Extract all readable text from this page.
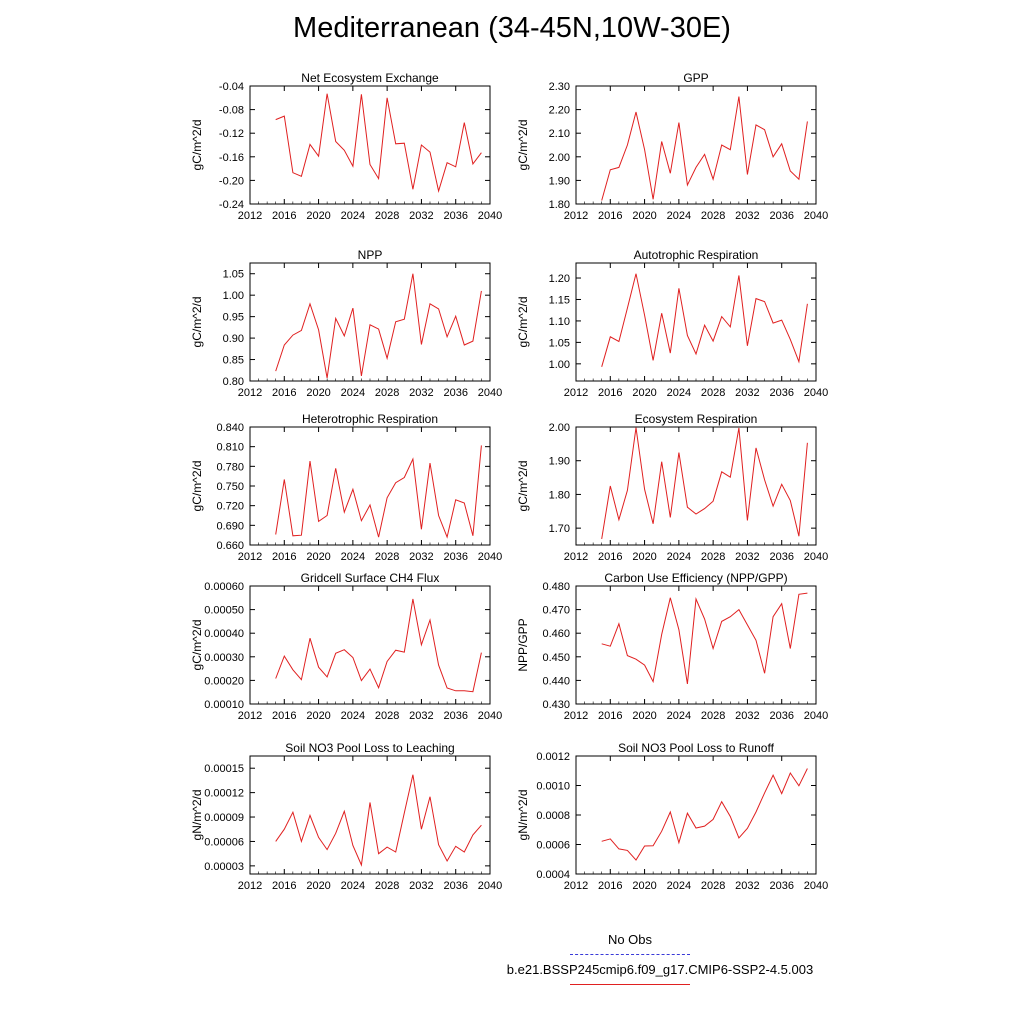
Mediterranean (34-45N,10W-30E)
Net Ecosystem Exchange
gC/m^2/d
2012 2016 2020 2024 2028 2032 2036 2040
-0.24
-0.20
-0.16
-0.12
-0.08
-0.04
GPP
gC/m^2/d
2012 2016 2020 2024 2028 2032 2036 2040
1.80
1.90
2.00
2.10
2.20
2.30
NPP
gC/m^2/d
2012 2016 2020 2024 2028 2032 2036 2040
0.80
0.85
0.90
0.95
1.00
1.05
Autotrophic Respiration
gC/m^2/d
2012 2016 2020 2024 2028 2032 2036 2040
1.00
1.05
1.10
1.15
1.20
Heterotrophic Respiration
gC/m^2/d
2012 2016 2020 2024 2028 2032 2036 2040
0.660
0.690
0.720
0.750
0.780
0.810
0.840
Ecosystem Respiration
gC/m^2/d
2012 2016 2020 2024 2028 2032 2036 2040
1.70
1.80
1.90
2.00
Gridcell Surface CH4 Flux
gC/m^2/d
2012 2016 2020 2024 2028 2032 2036 2040
0.00010
0.00020
0.00030
0.00040
0.00050
0.00060
Carbon Use Efficiency (NPP/GPP)
NPP/GPP
2012 2016 2020 2024 2028 2032 2036 2040
0.430
0.440
0.450
0.460
0.470
0.480
Soil NO3 Pool Loss to Leaching
gN/m^2/d
2012 2016 2020 2024 2028 2032 2036 2040
0.00003
0.00006
0.00009
0.00012
0.00015
Soil NO3 Pool Loss to Runoff
gN/m^2/d
2012 2016 2020 2024 2028 2032 2036 2040
0.0004
0.0006
0.0008
0.0010
0.0012
No Obs
b.e21.BSSP245cmip6.f09_g17.CMIP6-SSP2-4.5.003
